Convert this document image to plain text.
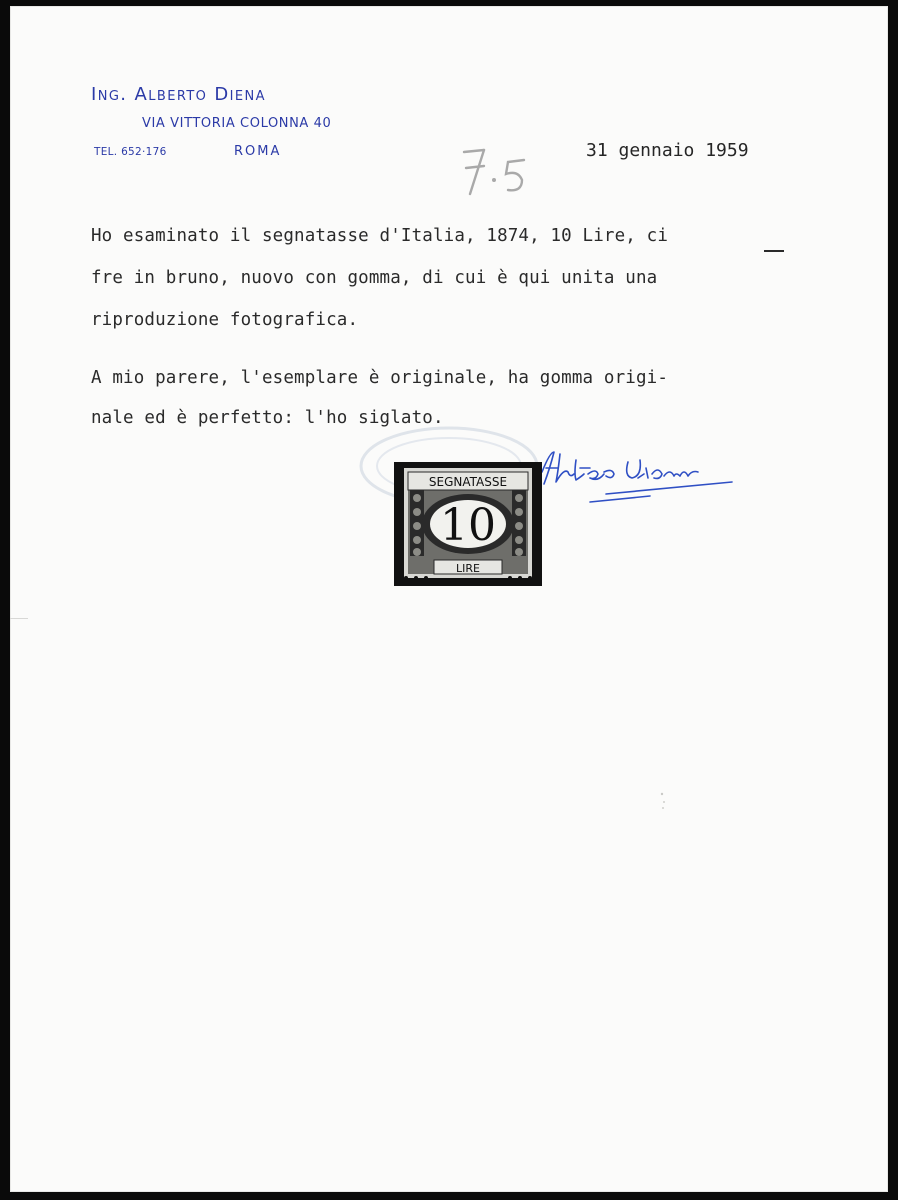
Ing. Alberto Diena
VIA VITTORIA COLONNA 40
TEL. 652·176	ROMA	31 gennaio 1959
Ho esaminato il segnatasse d'Italia, 1874, 10 Lire, ci
fre in bruno, nuovo con gomma, di cui è qui unita una
riproduzione fotografica.
A mio parere, l'esemplare è originale, ha gomma origi-
nale ed è perfetto: l'ho siglato.
SEGNATASSE
10
LIRE
